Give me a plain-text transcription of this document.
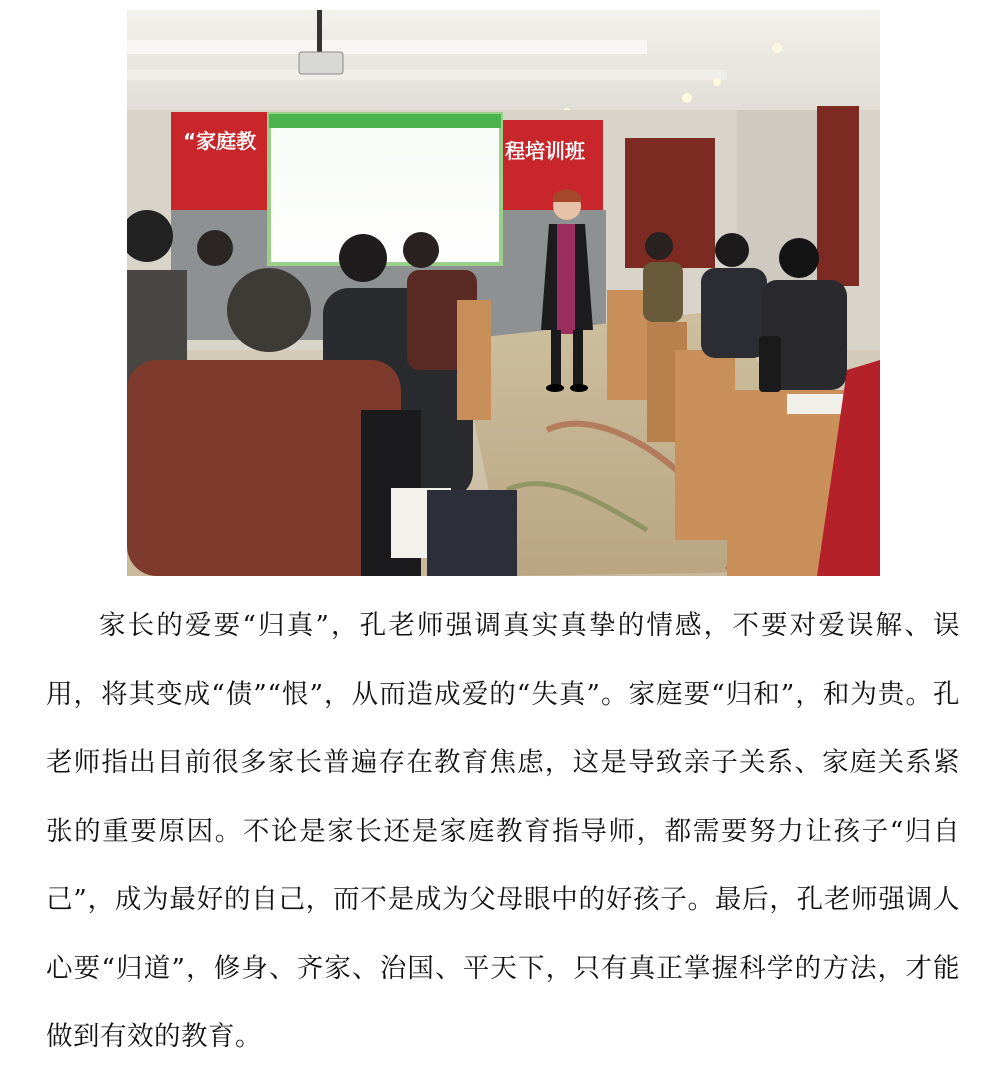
“家庭教	程培训班

家长的爱要“归真”，孔老师强调真实真挚的情感，不要对爱误解、误用，将其变成“债”“恨”，从而造成爱的“失真”。家庭要“归和”，和为贵。孔老师指出目前很多家长普遍存在教育焦虑，这是导致亲子关系、家庭关系紧张的重要原因。不论是家长还是家庭教育指导师，都需要努力让孩子“归自己”，成为最好的自己，而不是成为父母眼中的好孩子。最后，孔老师强调人心要“归道”，修身、齐家、治国、平天下，只有真正掌握科学的方法，才能做到有效的教育。
